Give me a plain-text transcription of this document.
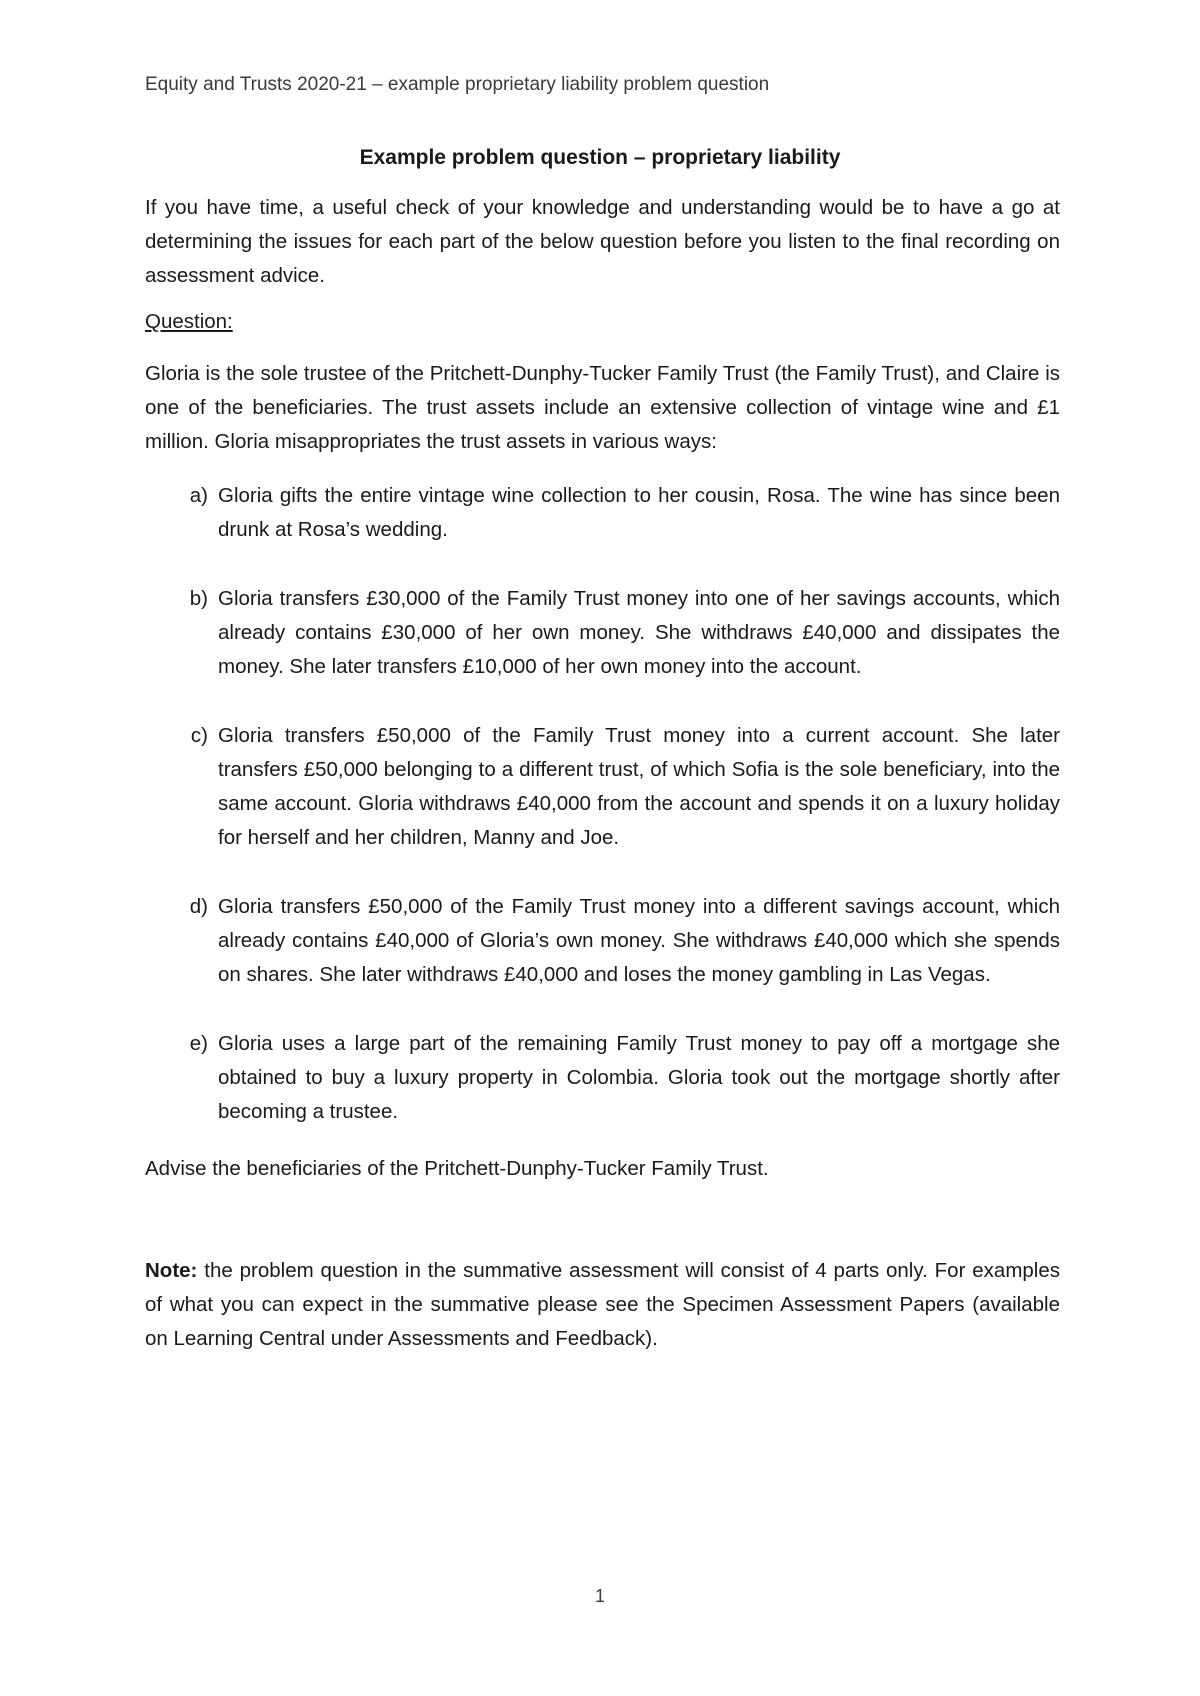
Equity and Trusts 2020-21 – example proprietary liability problem question
Example problem question – proprietary liability

If you have time, a useful check of your knowledge and understanding would be to have a go at determining the issues for each part of the below question before you listen to the final recording on assessment advice.

Question:

Gloria is the sole trustee of the Pritchett-Dunphy-Tucker Family Trust (the Family Trust), and Claire is one of the beneficiaries. The trust assets include an extensive collection of vintage wine and £1 million. Gloria misappropriates the trust assets in various ways:

a) Gloria gifts the entire vintage wine collection to her cousin, Rosa. The wine has since been drunk at Rosa’s wedding.
b) Gloria transfers £30,000 of the Family Trust money into one of her savings accounts, which already contains £30,000 of her own money. She withdraws £40,000 and dissipates the money. She later transfers £10,000 of her own money into the account.
c) Gloria transfers £50,000 of the Family Trust money into a current account. She later transfers £50,000 belonging to a different trust, of which Sofia is the sole beneficiary, into the same account. Gloria withdraws £40,000 from the account and spends it on a luxury holiday for herself and her children, Manny and Joe.
d) Gloria transfers £50,000 of the Family Trust money into a different savings account, which already contains £40,000 of Gloria’s own money. She withdraws £40,000 which she spends on shares. She later withdraws £40,000 and loses the money gambling in Las Vegas.
e) Gloria uses a large part of the remaining Family Trust money to pay off a mortgage she obtained to buy a luxury property in Colombia. Gloria took out the mortgage shortly after becoming a trustee.

Advise the beneficiaries of the Pritchett-Dunphy-Tucker Family Trust.

Note: the problem question in the summative assessment will consist of 4 parts only. For examples of what you can expect in the summative please see the Specimen Assessment Papers (available on Learning Central under Assessments and Feedback).

1
